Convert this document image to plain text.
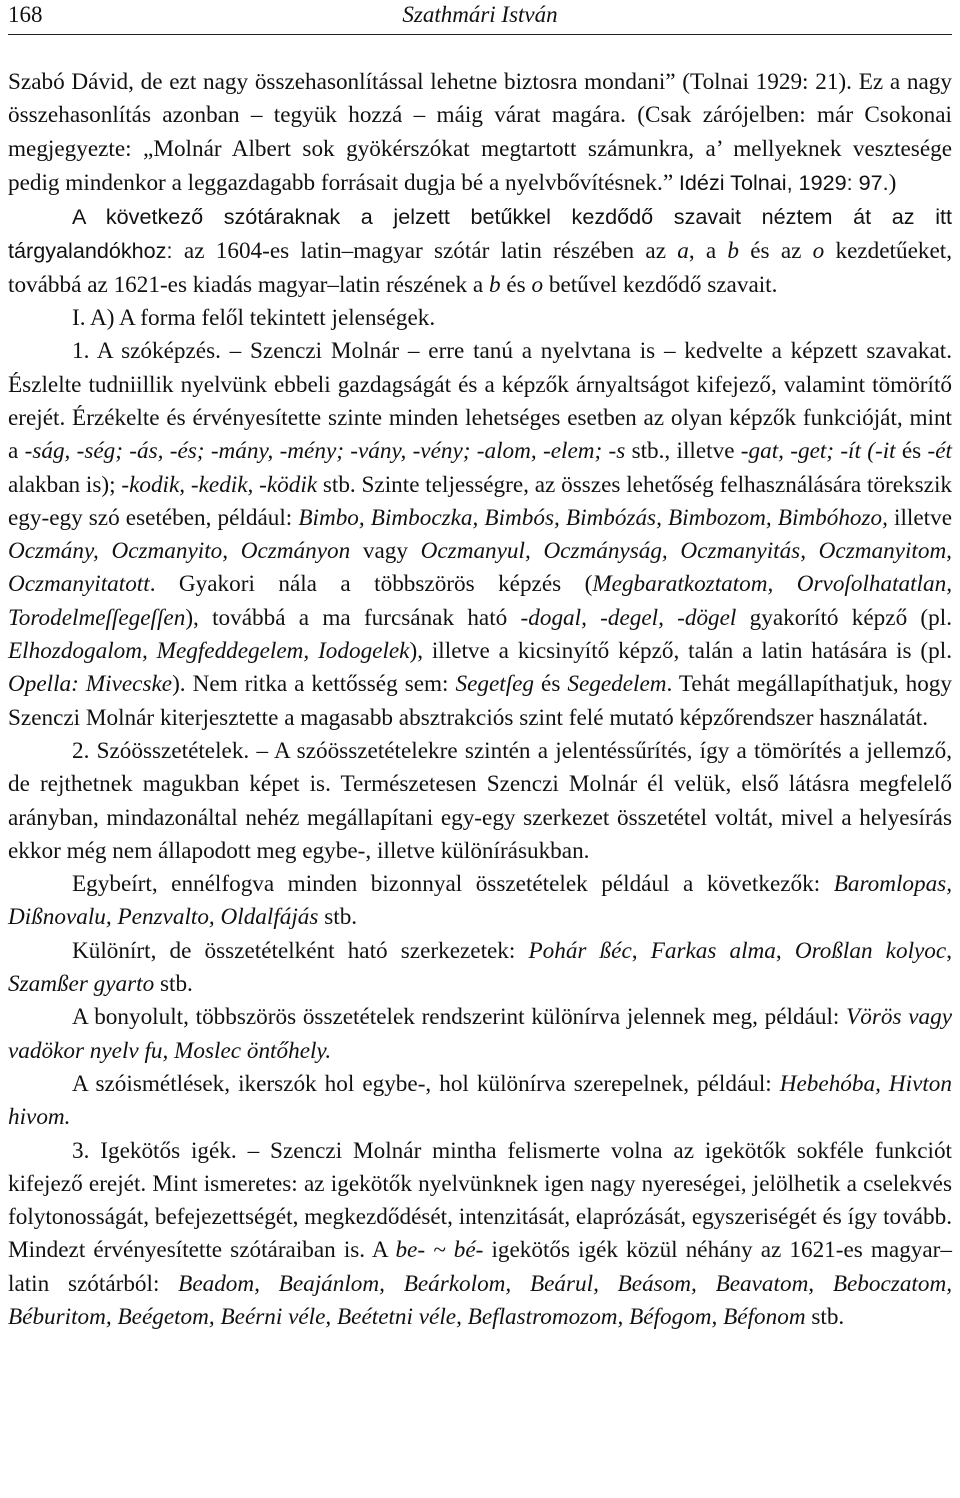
168	Szathmári István

Szabó Dávid, de ezt nagy összehasonlítással lehetne biztosra mondani” (Tolnai 1929: 21). Ez a nagy összehasonlítás azonban – tegyük hozzá – máig várat magára. (Csak zárójelben: már Csokonai megjegyezte: „Molnár Albert sok gyökérszókat megtartott számunkra, a’ mellyeknek vesztesége pedig mindenkor a leggazdagabb forrásait dugja bé a nyelvbővítésnek.” Idézi Tolnai, 1929: 97.)

A következő szótáraknak a jelzett betűkkel kezdődő szavait néztem át az itt tárgyalandókhoz: az 1604-es latin–magyar szótár latin részében az a, a b és az o kezdetűeket, továbbá az 1621-es kiadás magyar–latin részének a b és o betűvel kezdődő szavait.

I. A) A forma felől tekintett jelenségek.

1. A szóképzés. – Szenczi Molnár – erre tanú a nyelvtana is – kedvelte a képzett szavakat. Észlelte tudniillik nyelvünk ebbeli gazdagságát és a képzők árnyaltságot kifejező, valamint tömörítő erejét. Érzékelte és érvényesítette szinte minden lehetséges esetben az olyan képzők funkcióját, mint a -ság, -ség; -ás, -és; -mány, -mény; -vány, -vény; -alom, -elem; -s stb., illetve -gat, -get; -ít (-it és -ét alakban is); -kodik, -kedik, -ködik stb. Szinte teljességre, az összes lehetőség felhasználására törekszik egy-egy szó esetében, például: Bimbo, Bimboczka, Bimbós, Bimbózás, Bimbozom, Bimbóhozo, illetve Oczmány, Oczmanyito, Oczmányon vagy Oczmanyul, Oczmányság, Oczmanyitás, Oczmanyitom, Oczmanyitatott. Gyakori nála a többszörös képzés (Megbaratkoztatom, Orvoſolhatatlan, Torodelmeſſegeſſen), továbbá a ma furcsának ható -dogal, -degel, -dögel gyakorító képző (pl. Elhozdogalom, Megfeddegelem, Iodogelek), illetve a kicsinyítő képző, talán a latin hatására is (pl. Opella: Mivecske). Nem ritka a kettősség sem: Segetſeg és Segedelem. Tehát megállapíthatjuk, hogy Szenczi Molnár kiterjesztette a magasabb absztrakciós szint felé mutató képzőrendszer használatát.

2. Szóösszetételek. – A szóösszetételekre szintén a jelentéssűrítés, így a tömörítés a jellemző, de rejthetnek magukban képet is. Természetesen Szenczi Molnár él velük, első látásra megfelelő arányban, mindazonáltal nehéz megállapítani egy-egy szerkezet összetétel voltát, mivel a helyesírás ekkor még nem állapodott meg egybe-, illetve különírásukban.

Egybeírt, ennélfogva minden bizonnyal összetételek például a következők: Baromlopas, Dißnovalu, Penzvalto, Oldalfájás stb.

Különírt, de összetételként ható szerkezetek: Pohár ßéc, Farkas alma, Oroßlan kolyoc, Szamßer gyarto stb.

A bonyolult, többszörös összetételek rendszerint különírva jelennek meg, például: Vörös vagy vadökor nyelv fu, Moslec öntőhely.

A szóismétlések, ikerszók hol egybe-, hol különírva szerepelnek, például: Hebehóba, Hivton hivom.

3. Igekötős igék. – Szenczi Molnár mintha felismerte volna az igekötők sokféle funkciót kifejező erejét. Mint ismeretes: az igekötők nyelvünknek igen nagy nyereségei, jelölhetik a cselekvés folytonosságát, befejezettségét, megkezdődését, intenzitását, elaprózását, egyszeriségét és így tovább. Mindezt érvényesítette szótáraiban is. A be- ~ bé- igekötős igék közül néhány az 1621-es magyar–latin szótárból: Beadom, Beajánlom, Beárkolom, Beárul, Beásom, Beavatom, Beboczatom, Béburitom, Beégetom, Beérni véle, Beétetni véle, Beflastromozom, Béfogom, Béfonom stb.
